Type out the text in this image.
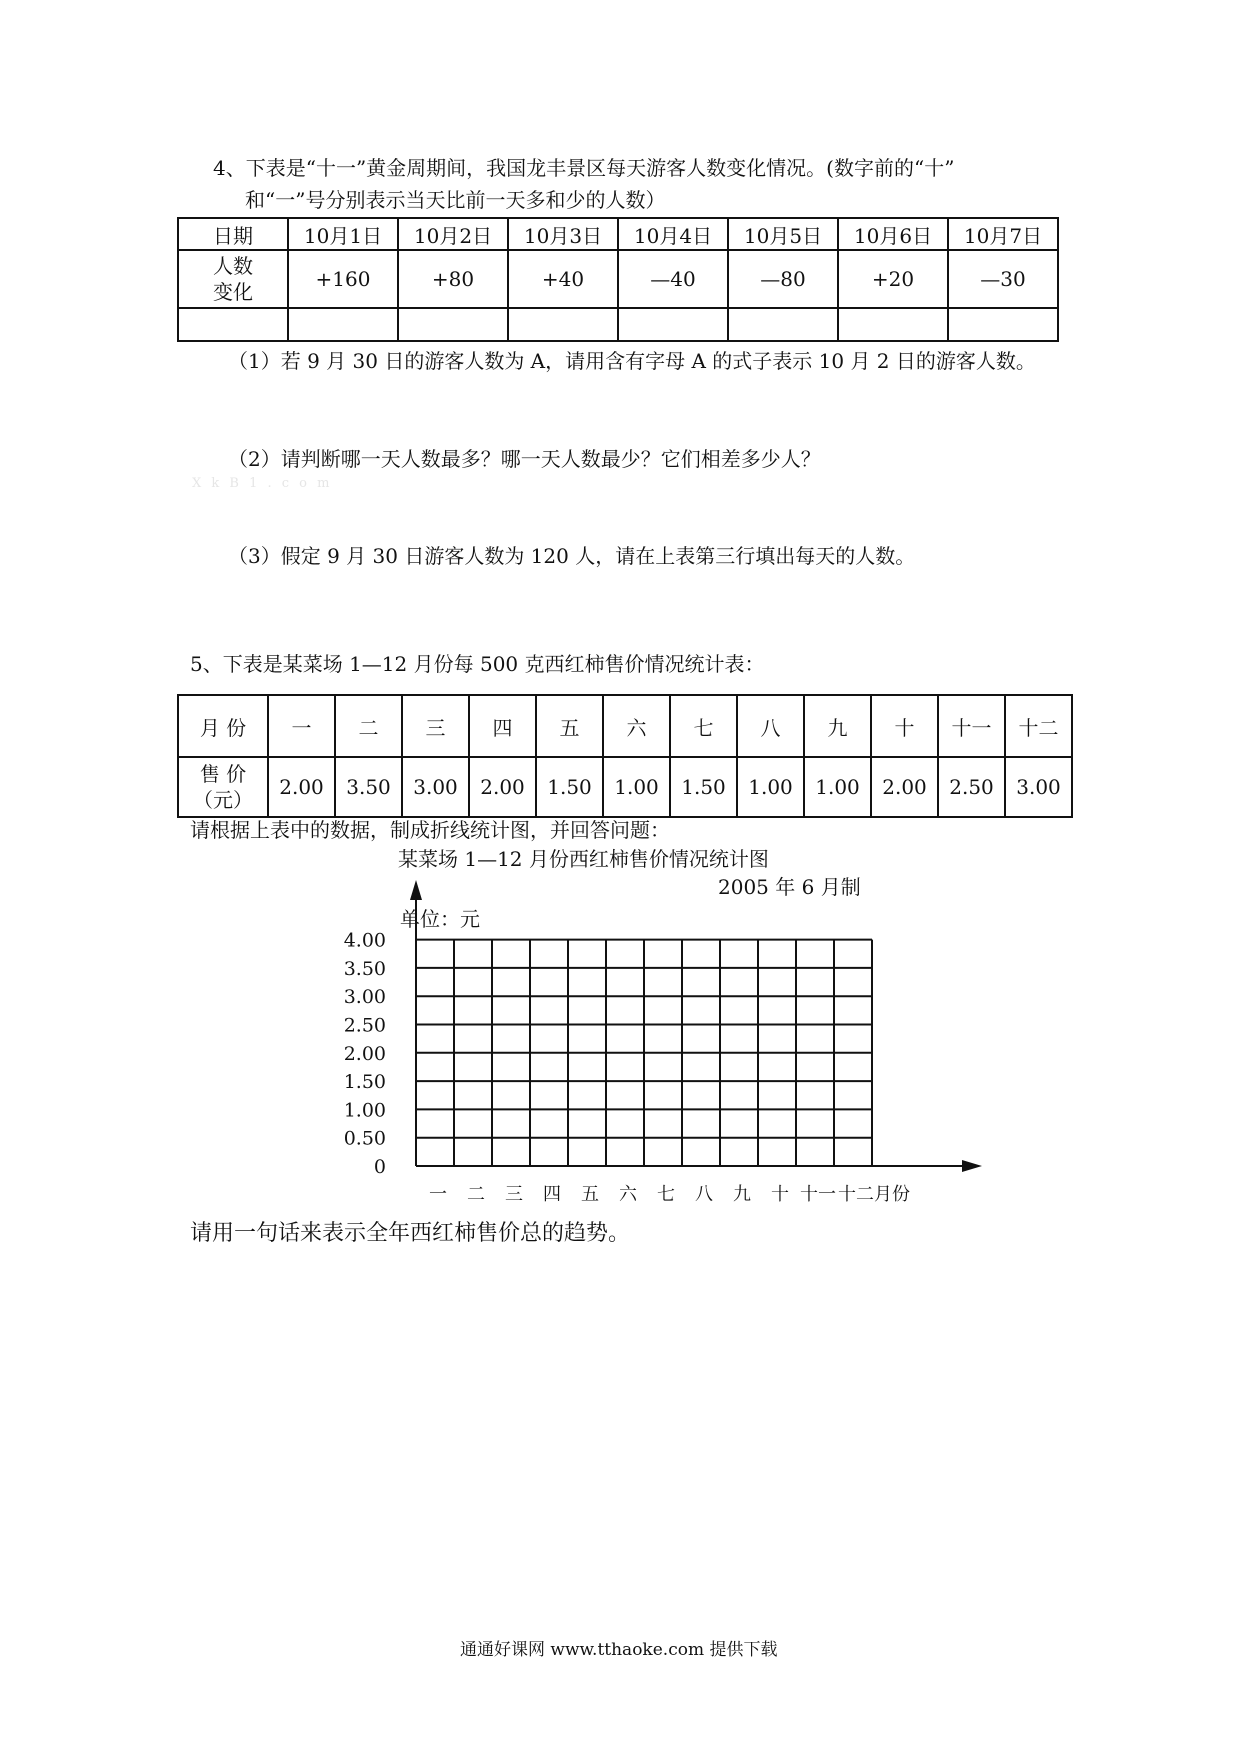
4、下表是“十一”黄金周期间，我国龙丰景区每天游客人数变化情况。(数字前的“十”
和“一”号分别表示当天比前一天多和少的人数）
日期	10月1日	10月2日	10月3日	10月4日	10月5日	10月6日	10月7日
人数
变化	+160	+80	+40	—40	—80	+20	—30

（1）若 9 月 30 日的游客人数为 A，请用含有字母 A 的式子表示 10 月 2 日的游客人数。
（2）请判断哪一天人数最多？哪一天人数最少？它们相差多少人？
X k B 1 . c o m
（3）假定 9 月 30 日游客人数为 120 人，请在上表第三行填出每天的人数。
5、下表是某菜场 1—12 月份每 500 克西红柿售价情况统计表：
月 份	一	二	三	四	五	六	七	八	九	十	十一	十二
售 价
（元）	2.00	3.50	3.00	2.00	1.50	1.00	1.50	1.00	1.00	2.00	2.50	3.00
请根据上表中的数据，制成折线统计图，并回答问题：
某菜场 1—12 月份西红柿售价情况统计图
2005 年 6 月制
单位：元
0
0.50
1.00
1.50
2.00
2.50
3.00
3.50
4.00
一 二 三 四 五 六 七 八 九 十 十一 十二 月份
请用一句话来表示全年西红柿售价总的趋势。
通通好课网 www.tthaoke.com 提供下载
